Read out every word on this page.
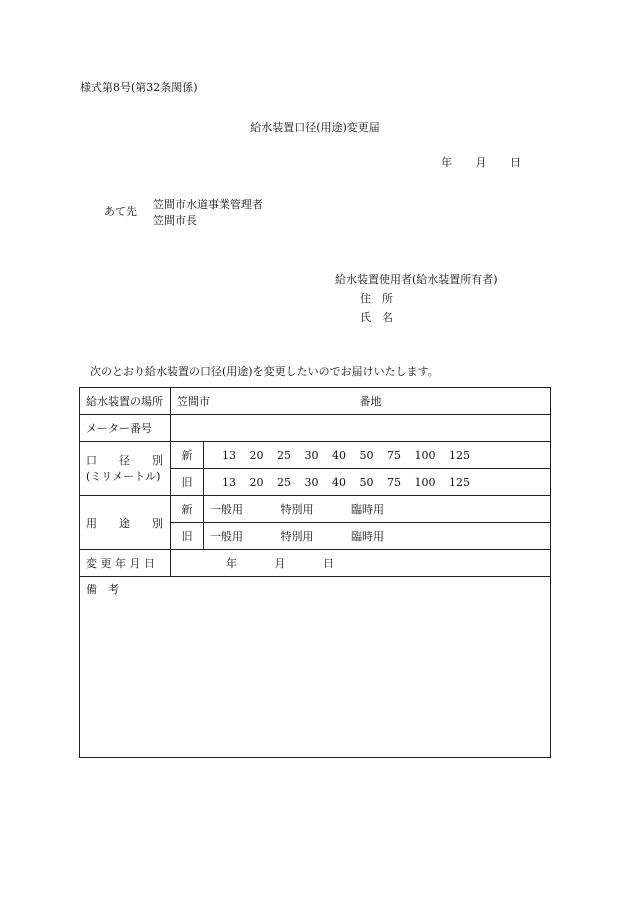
様式第8号(第32条関係)
給水装置口径(用途)変更届
年 月 日
あて先
笠間市水道事業管理者
笠間市長
給水装置使用者(給水装置所有者)
住　所
氏　名
次のとおり給水装置の口径(用途)を変更したいのでお届けいたします。
給水装置の場所	笠間市 番地	
メーター番号		

口　　径　　別
(ミリメートル)	新	13 20 25 30 40 50 75 100 125
	旧	13 20 25 30 40 50 75 100 125
用　　途　　別	新	一般用 特別用 臨時用
	旧	一般用 特別用 臨時用
変 更 年 月 日	年 月 日	
備　考		
